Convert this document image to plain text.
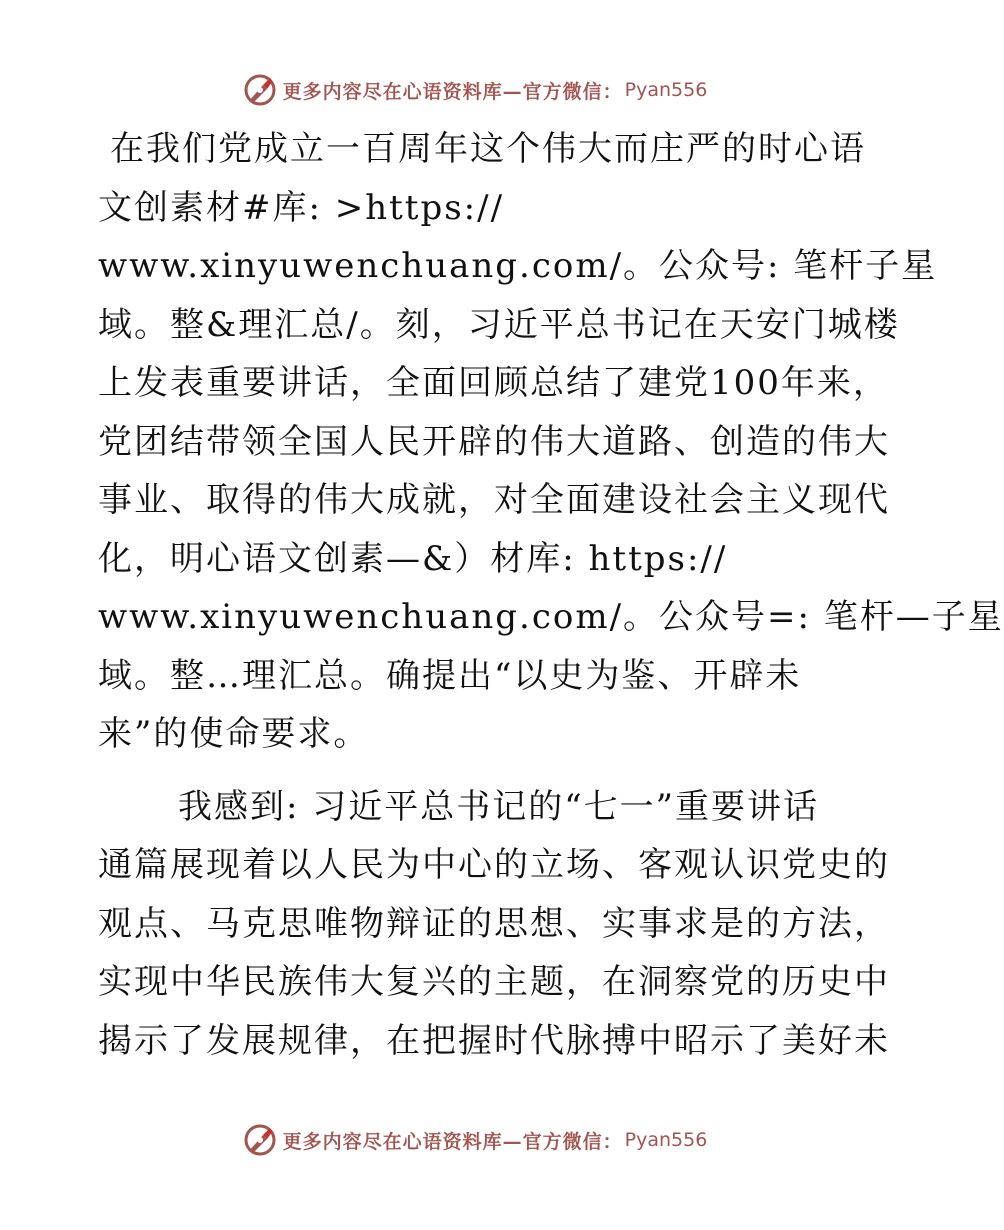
更多内容尽在心语资料库—官方微信： Pyan556
在我们党成立一百周年这个伟大而庄严的时心语
文创素材#库: >https://
www.xinyuwenchuang.com/。公众号: 笔杆子星
域。整&理汇总/。刻，习近平总书记在天安门城楼
上发表重要讲话，全面回顾总结了建党100年来，
党团结带领全国人民开辟的伟大道路、创造的伟大
事业、取得的伟大成就，对全面建设社会主义现代
化，明心语文创素—&）材库: https://
www.xinyuwenchuang.com/。公众号=: 笔杆—子星
域。整…理汇总。确提出“以史为鉴、开辟未
来”的使命要求。
我感到: 习近平总书记的“七一”重要讲话
通篇展现着以人民为中心的立场、客观认识党史的
观点、马克思唯物辩证的思想、实事求是的方法，
实现中华民族伟大复兴的主题，在洞察党的历史中
揭示了发展规律，在把握时代脉搏中昭示了美好未
更多内容尽在心语资料库—官方微信： Pyan556
